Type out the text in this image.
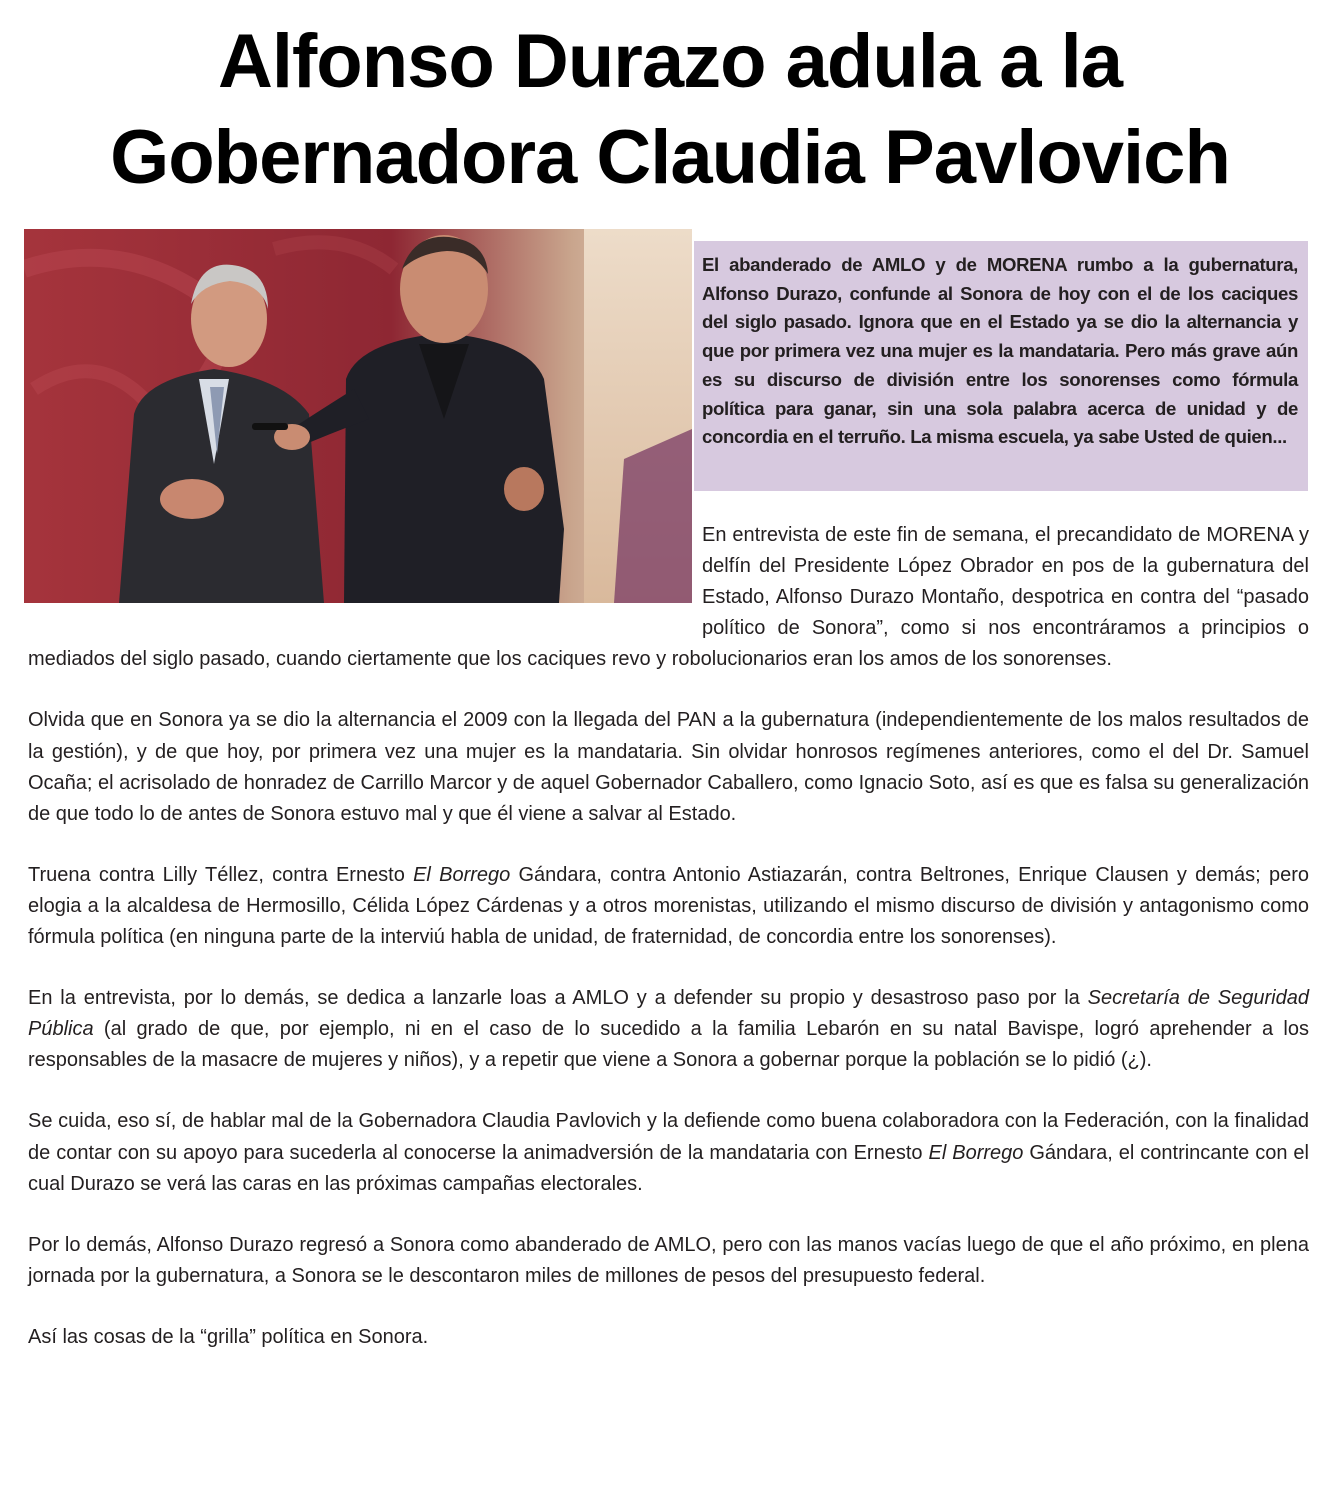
Alfonso Durazo adula a la
Gobernadora Claudia Pavlovich
El abanderado de AMLO y de MORENA rumbo a la gubernatura, Alfonso Durazo, confunde al Sonora de hoy con el de los caciques del siglo pasado. Ignora que en el Estado ya se dio la alternancia y que por primera vez una mujer es la mandataria. Pero más grave aún es su discurso de división entre los sonorenses como fórmula política para ganar, sin una sola palabra acerca de unidad y de concordia en el terruño. La misma escuela, ya sabe Usted de quien...

En entrevista de este fin de semana, el precandidato de MORENA y delfín del Presidente López Obrador en pos de la gubernatura del Estado, Alfonso Durazo Montaño, despotrica en contra del “pasado político de Sonora”, como si nos encontráramos a principios o mediados del siglo pasado, cuando ciertamente que los caciques revo y robolucionarios eran los amos de los sonorenses.

Olvida que en Sonora ya se dio la alternancia el 2009 con la llegada del PAN a la gubernatura (independientemente de los malos resultados de la gestión), y de que hoy, por primera vez una mujer es la mandataria. Sin olvidar honrosos regímenes anteriores, como el del Dr. Samuel Ocaña; el acrisolado de honradez de Carrillo Marcor y de aquel Gobernador Caballero, como Ignacio Soto, así es que es falsa su generalización de que todo lo de antes de Sonora estuvo mal y que él viene a salvar al Estado.

Truena contra Lilly Téllez, contra Ernesto El Borrego Gándara, contra Antonio Astiazarán, contra Beltrones, Enrique Clausen y demás; pero elogia a la alcaldesa de Hermosillo, Célida López Cárdenas y a otros morenistas, utilizando el mismo discurso de división y antagonismo como fórmula política (en ninguna parte de la interviú habla de unidad, de fraternidad, de concordia entre los sonorenses).

En la entrevista, por lo demás, se dedica a lanzarle loas a AMLO y a defender su propio y desastroso paso por la Secretaría de Seguridad Pública (al grado de que, por ejemplo, ni en el caso de lo sucedido a la familia Lebarón en su natal Bavispe, logró aprehender a los responsables de la masacre de mujeres y niños), y a repetir que viene a Sonora a gobernar porque la población se lo pidió (¿).

Se cuida, eso sí, de hablar mal de la Gobernadora Claudia Pavlovich y la defiende como buena colaboradora con la Federación, con la finalidad de contar con su apoyo para sucederla al conocerse la animadversión de la mandataria con Ernesto El Borrego Gándara, el contrincante con el cual Durazo se verá las caras en las próximas campañas electorales.

Por lo demás, Alfonso Durazo regresó a Sonora como abanderado de AMLO, pero con las manos vacías luego de que el año próximo, en plena jornada por la gubernatura, a Sonora se le descontaron miles de millones de pesos del presupuesto federal.

Así las cosas de la “grilla” política en Sonora.
